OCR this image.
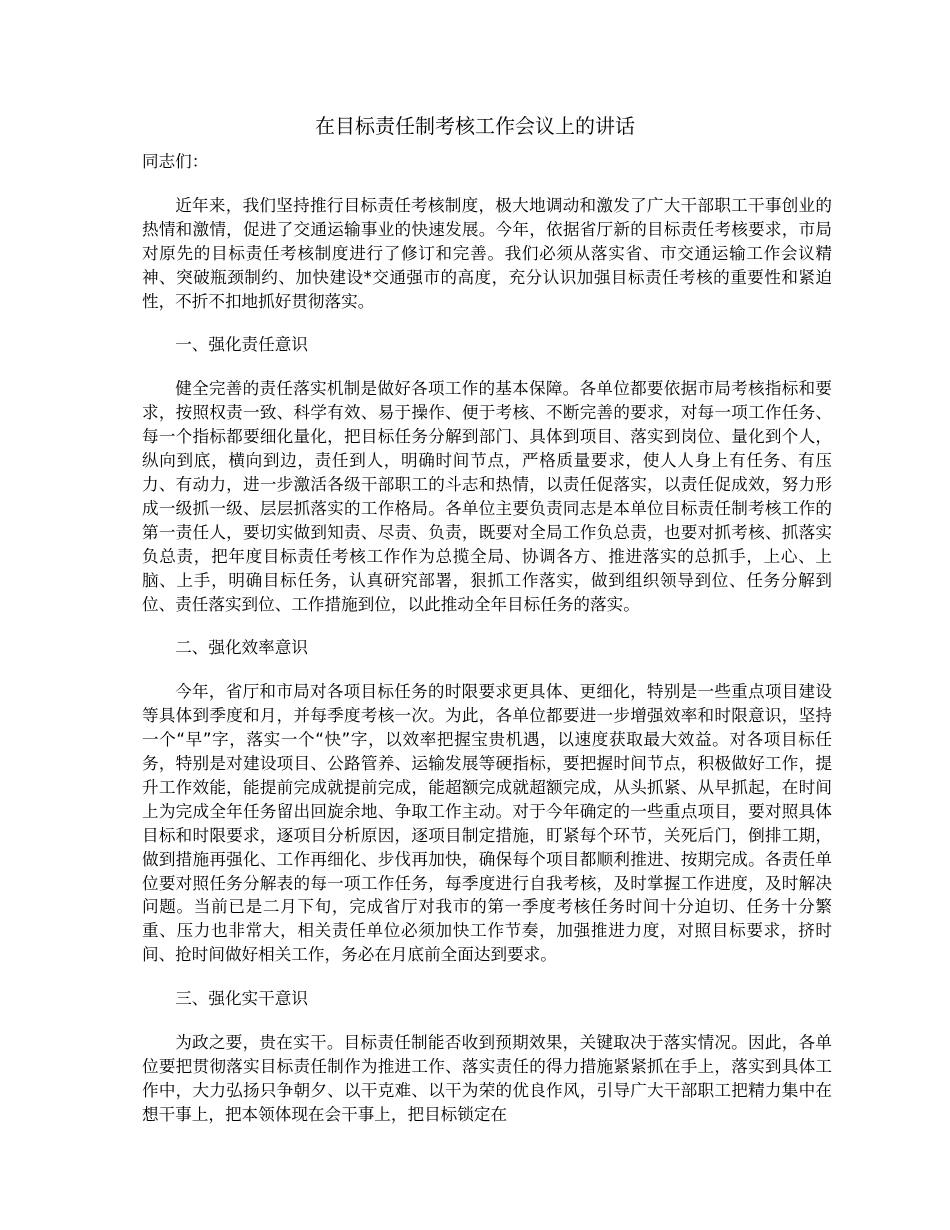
在目标责任制考核工作会议上的讲话

同志们：

近年来，我们坚持推行目标责任考核制度，极大地调动和激发了广大干部职工干事创业的热情和激情，促进了交通运输事业的快速发展。今年，依据省厅新的目标责任考核要求，市局对原先的目标责任考核制度进行了修订和完善。我们必须从落实省、市交通运输工作会议精神、突破瓶颈制约、加快建设*交通强市的高度，充分认识加强目标责任考核的重要性和紧迫性，不折不扣地抓好贯彻落实。

一、强化责任意识

健全完善的责任落实机制是做好各项工作的基本保障。各单位都要依据市局考核指标和要求，按照权责一致、科学有效、易于操作、便于考核、不断完善的要求，对每一项工作任务、每一个指标都要细化量化，把目标任务分解到部门、具体到项目、落实到岗位、量化到个人，纵向到底，横向到边，责任到人，明确时间节点，严格质量要求，使人人身上有任务、有压力、有动力，进一步激活各级干部职工的斗志和热情，以责任促落实，以责任促成效，努力形成一级抓一级、层层抓落实的工作格局。各单位主要负责同志是本单位目标责任制考核工作的第一责任人，要切实做到知责、尽责、负责，既要对全局工作负总责，也要对抓考核、抓落实负总责，把年度目标责任考核工作作为总揽全局、协调各方、推进落实的总抓手，上心、上脑、上手，明确目标任务，认真研究部署，狠抓工作落实，做到组织领导到位、任务分解到位、责任落实到位、工作措施到位，以此推动全年目标任务的落实。

二、强化效率意识

今年，省厅和市局对各项目标任务的时限要求更具体、更细化，特别是一些重点项目建设等具体到季度和月，并每季度考核一次。为此，各单位都要进一步增强效率和时限意识，坚持一个“早”字，落实一个“快”字，以效率把握宝贵机遇，以速度获取最大效益。对各项目标任务，特别是对建设项目、公路管养、运输发展等硬指标，要把握时间节点，积极做好工作，提升工作效能，能提前完成就提前完成，能超额完成就超额完成，从头抓紧、从早抓起，在时间上为完成全年任务留出回旋余地、争取工作主动。对于今年确定的一些重点项目，要对照具体目标和时限要求，逐项目分析原因，逐项目制定措施，盯紧每个环节，关死后门，倒排工期，做到措施再强化、工作再细化、步伐再加快，确保每个项目都顺利推进、按期完成。各责任单位要对照任务分解表的每一项工作任务，每季度进行自我考核，及时掌握工作进度，及时解决问题。当前已是二月下旬，完成省厅对我市的第一季度考核任务时间十分迫切、任务十分繁重、压力也非常大，相关责任单位必须加快工作节奏，加强推进力度，对照目标要求，挤时间、抢时间做好相关工作，务必在月底前全面达到要求。

三、强化实干意识

为政之要，贵在实干。目标责任制能否收到预期效果，关键取决于落实情况。因此，各单位要把贯彻落实目标责任制作为推进工作、落实责任的得力措施紧紧抓在手上，落实到具体工作中，大力弘扬只争朝夕、以干克难、以干为荣的优良作风，引导广大干部职工把精力集中在想干事上，把本领体现在会干事上，把目标锁定在
